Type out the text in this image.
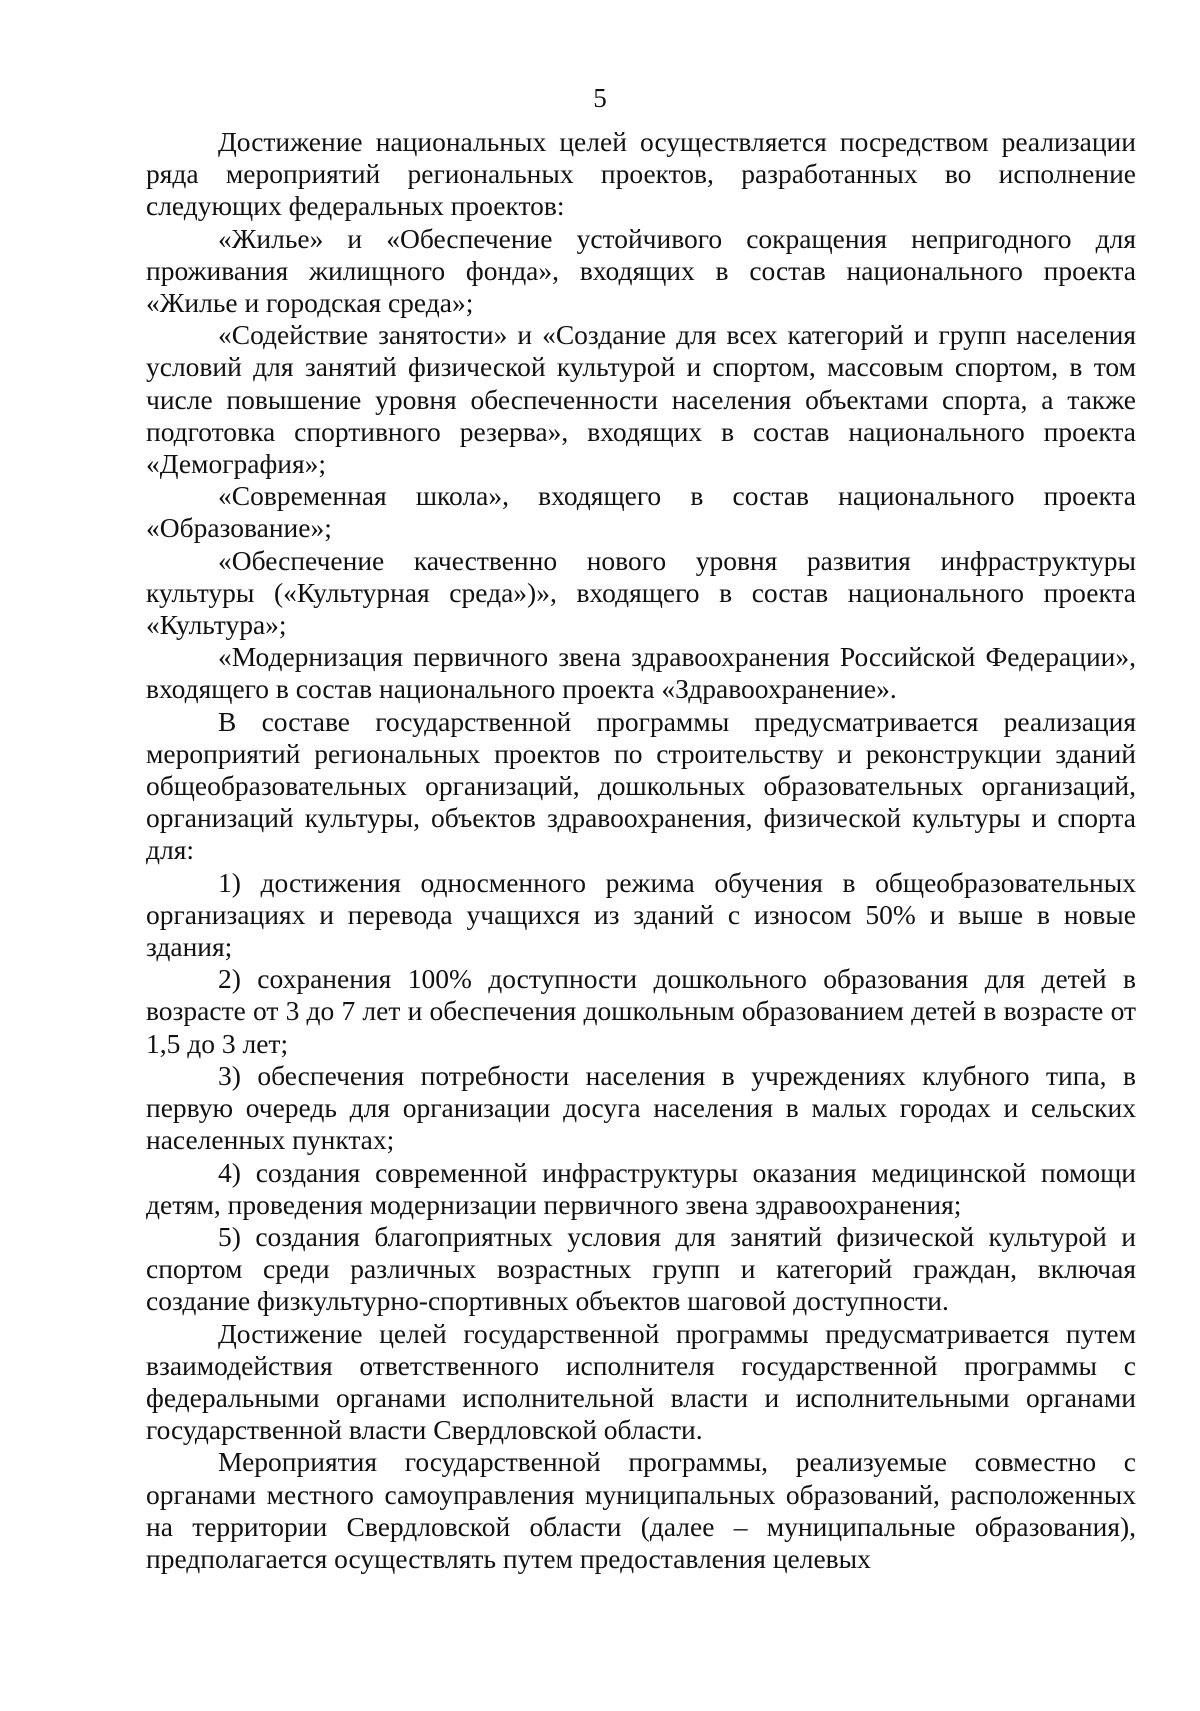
5

Достижение национальных целей осуществляется посредством реализации ряда мероприятий региональных проектов, разработанных во исполнение следующих федеральных проектов:

«Жилье» и «Обеспечение устойчивого сокращения непригодного для проживания жилищного фонда», входящих в состав национального проекта «Жилье и городская среда»;

«Содействие занятости» и «Создание для всех категорий и групп населения условий для занятий физической культурой и спортом, массовым спортом, в том числе повышение уровня обеспеченности населения объектами спорта, а также подготовка спортивного резерва», входящих в состав национального проекта «Демография»;

«Современная школа», входящего в состав национального проекта «Образование»;

«Обеспечение качественно нового уровня развития инфраструктуры культуры («Культурная среда»)», входящего в состав национального проекта «Культура»;

«Модернизация первичного звена здравоохранения Российской Федерации», входящего в состав национального проекта «Здравоохранение».

В составе государственной программы предусматривается реализация мероприятий региональных проектов по строительству и реконструкции зданий общеобразовательных организаций, дошкольных образовательных организаций, организаций культуры, объектов здравоохранения, физической культуры и спорта для:

1) достижения односменного режима обучения в общеобразовательных организациях и перевода учащихся из зданий с износом 50% и выше в новые здания;

2) сохранения 100% доступности дошкольного образования для детей в возрасте от 3 до 7 лет и обеспечения дошкольным образованием детей в возрасте от 1,5 до 3 лет;

3) обеспечения потребности населения в учреждениях клубного типа, в первую очередь для организации досуга населения в малых городах и сельских населенных пунктах;

4) создания современной инфраструктуры оказания медицинской помощи детям, проведения модернизации первичного звена здравоохранения;

5) создания благоприятных условия для занятий физической культурой и спортом среди различных возрастных групп и категорий граждан, включая создание физкультурно-спортивных объектов шаговой доступности.

Достижение целей государственной программы предусматривается путем взаимодействия ответственного исполнителя государственной программы с федеральными органами исполнительной власти и исполнительными органами государственной власти Свердловской области.

Мероприятия государственной программы, реализуемые совместно с органами местного самоуправления муниципальных образований, расположенных на территории Свердловской области (далее – муниципальные образования), предполагается осуществлять путем предоставления целевых
